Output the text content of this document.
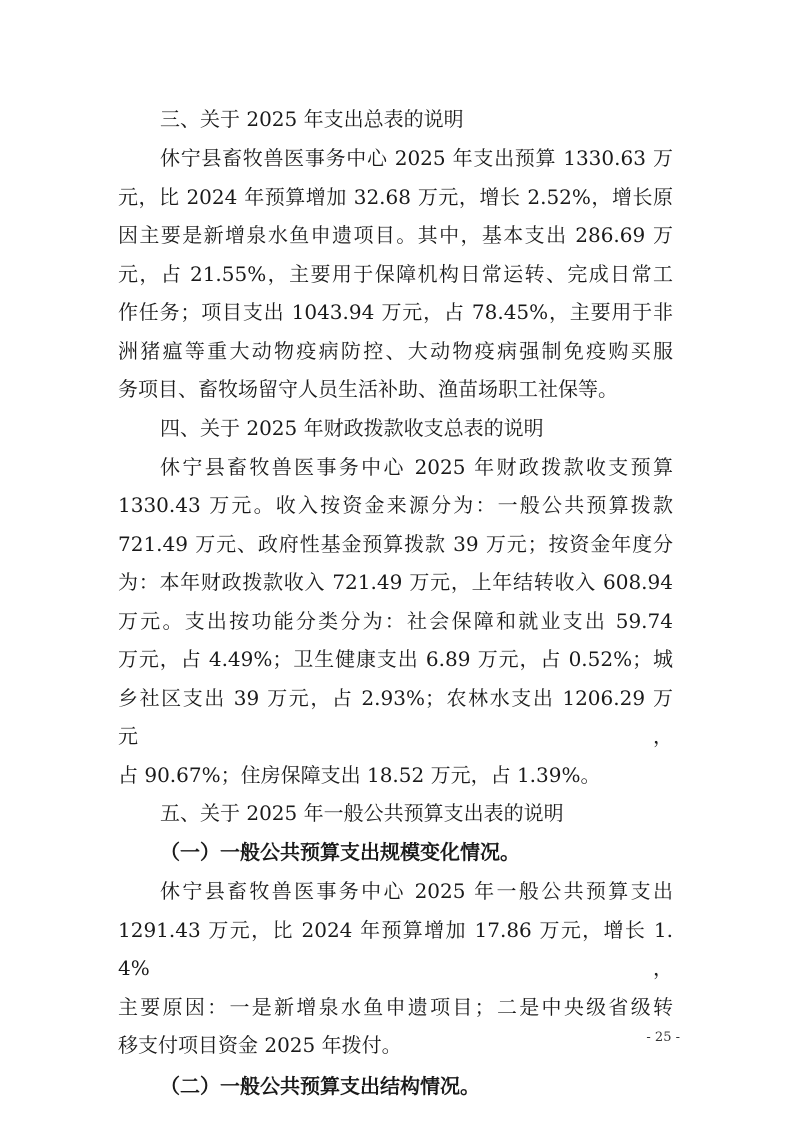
三、关于 2025 年支出总表的说明

休宁县畜牧兽医事务中心 2025 年支出预算 1330.63 万
元，比 2024 年预算增加 32.68 万元，增长 2.52%，增长原
因主要是新增泉水鱼申遗项目。其中，基本支出 286.69 万
元，占 21.55%，主要用于保障机构日常运转、完成日常工
作任务；项目支出 1043.94 万元，占 78.45%，主要用于非
洲猪瘟等重大动物疫病防控、大动物疫病强制免疫购买服
务项目、畜牧场留守人员生活补助、渔苗场职工社保等。

四、关于 2025 年财政拨款收支总表的说明

休宁县畜牧兽医事务中心 2025 年财政拨款收支预算
1330.43 万元。收入按资金来源分为：一般公共预算拨款
721.49 万元、政府性基金预算拨款 39 万元；按资金年度分
为：本年财政拨款收入 721.49 万元，上年结转收入 608.94
万元。支出按功能分类分为：社会保障和就业支出 59.74
万元，占 4.49%；卫生健康支出 6.89 万元，占 0.52%；城
乡社区支出 39 万元，占 2.93%；农林水支出 1206.29 万元，
占 90.67%；住房保障支出 18.52 万元，占 1.39%。

五、关于 2025 年一般公共预算支出表的说明
（一）一般公共预算支出规模变化情况。

休宁县畜牧兽医事务中心 2025 年一般公共预算支出
1291.43 万元，比 2024 年预算增加 17.86 万元，增长 1.4%，
主要原因：一是新增泉水鱼申遗项目；二是中央级省级转
移支付项目资金 2025 年拨付。

（二）一般公共预算支出结构情况。
- 25 -
